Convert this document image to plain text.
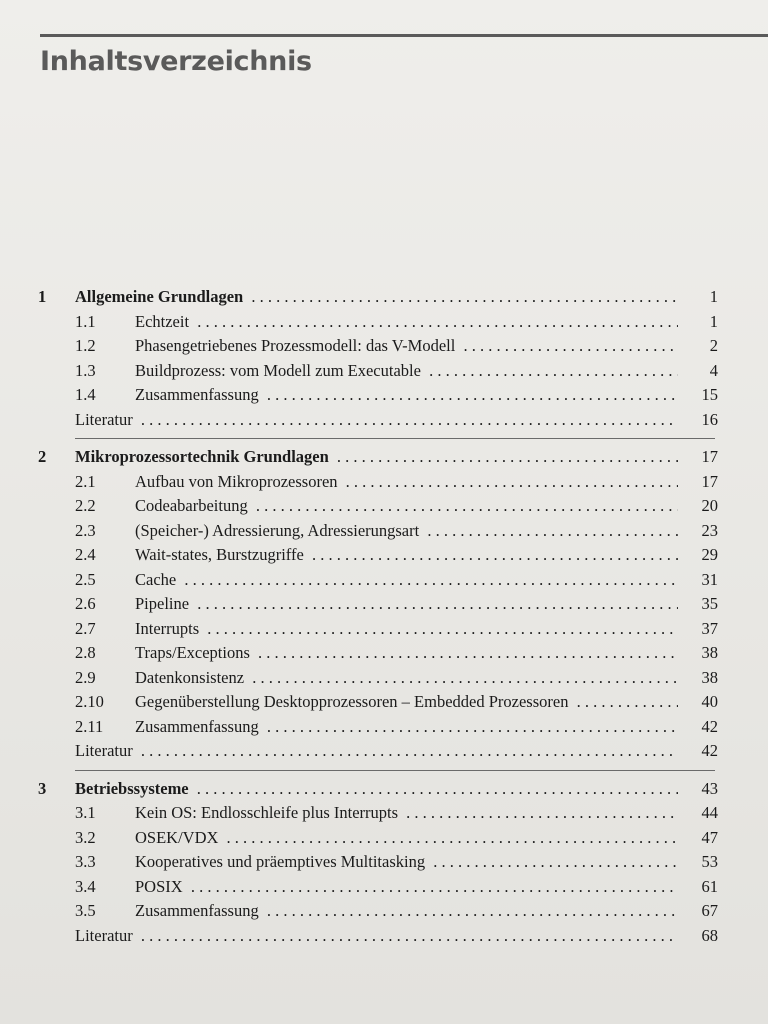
Inhaltsverzeichnis
1	Allgemeine Grundlagen . . .	1
1.1	Echtzeit . . .	1
1.2	Phasengetriebenes Prozessmodell: das V-Modell . . .	2
1.3	Buildprozess: vom Modell zum Executable . . .	4
1.4	Zusammenfassung . . .	15
Literatur . . .	16
2	Mikroprozessortechnik Grundlagen . . .	17
2.1	Aufbau von Mikroprozessoren . . .	17
2.2	Codeabarbeitung . . .	20
2.3	(Speicher-) Adressierung, Adressierungsart . . .	23
2.4	Wait-states, Burstzugriffe . . .	29
2.5	Cache . . .	31
2.6	Pipeline . . .	35
2.7	Interrupts . . .	37
2.8	Traps/Exceptions . . .	38
2.9	Datenkonsistenz . . .	38
2.10	Gegenüberstellung Desktopprozessoren – Embedded Prozessoren . . .	40
2.11	Zusammenfassung . . .	42
Literatur . . .	42
3	Betriebssysteme . . .	43
3.1	Kein OS: Endlosschleife plus Interrupts . . .	44
3.2	OSEK/VDX . . .	47
3.3	Kooperatives und präemptives Multitasking . . .	53
3.4	POSIX . . .	61
3.5	Zusammenfassung . . .	67
Literatur . . .	68
